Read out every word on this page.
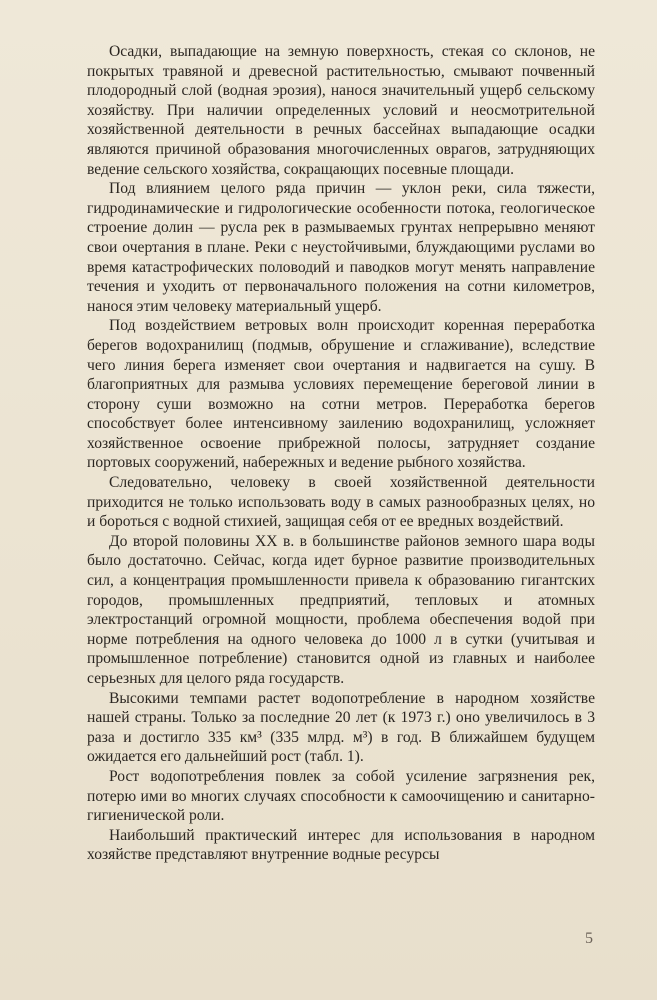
Осадки, выпадающие на земную поверхность, стекая со склонов, не покрытых травяной и древесной растительностью, смывают почвенный плодородный слой (водная эрозия), нанося значительный ущерб сельскому хозяйству. При наличии определенных условий и неосмотрительной хозяйственной деятельности в речных бассейнах выпадающие осадки являются причиной образования многочисленных оврагов, затрудняющих ведение сельского хозяйства, сокращающих посевные площади.

Под влиянием целого ряда причин — уклон реки, сила тяжести, гидродинамические и гидрологические особенности потока, геологическое строение долин — русла рек в размываемых грунтах непрерывно меняют свои очертания в плане. Реки с неустойчивыми, блуждающими руслами во время катастрофических половодий и паводков могут менять направление течения и уходить от первоначального положения на сотни километров, нанося этим человеку материальный ущерб.

Под воздействием ветровых волн происходит коренная переработка берегов водохранилищ (подмыв, обрушение и сглаживание), вследствие чего линия берега изменяет свои очертания и надвигается на сушу. В благоприятных для размыва условиях перемещение береговой линии в сторону суши возможно на сотни метров. Переработка берегов способствует более интенсивному заилению водохранилищ, усложняет хозяйственное освоение прибрежной полосы, затрудняет создание портовых сооружений, набережных и ведение рыбного хозяйства.

Следовательно, человеку в своей хозяйственной деятельности приходится не только использовать воду в самых разнообразных целях, но и бороться с водной стихией, защищая себя от ее вредных воздействий.

До второй половины XX в. в большинстве районов земного шара воды было достаточно. Сейчас, когда идет бурное развитие производительных сил, а концентрация промышленности привела к образованию гигантских городов, промышленных предприятий, тепловых и атомных электростанций огромной мощности, проблема обеспечения водой при норме потребления на одного человека до 1000 л в сутки (учитывая и промышленное потребление) становится одной из главных и наиболее серьезных для целого ряда государств.

Высокими темпами растет водопотребление в народном хозяйстве нашей страны. Только за последние 20 лет (к 1973 г.) оно увеличилось в 3 раза и достигло 335 км³ (335 млрд. м³) в год. В ближайшем будущем ожидается его дальнейший рост (табл. 1).

Рост водопотребления повлек за собой усиление загрязнения рек, потерю ими во многих случаях способности к самоочищению и санитарно-гигиенической роли.

Наибольший практический интерес для использования в народном хозяйстве представляют внутренние водные ресурсы

5
